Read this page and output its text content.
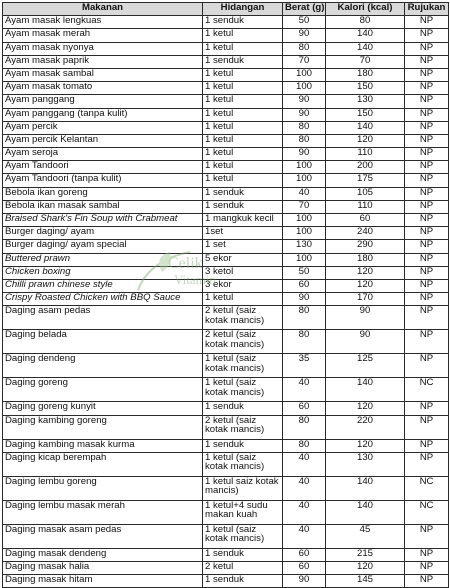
Makanan	Hidangan	Berat (g)	Kalori (kcal)	Rujukan
Ayam masak lengkuas	1 senduk	50	80	NP
Ayam masak merah	1 ketul	90	140	NP
Ayam masak nyonya	1 ketul	80	140	NP
Ayam masak paprik	1 senduk	70	70	NP
Ayam masak sambal	1 ketul	100	180	NP
Ayam masak tomato	1 ketul	100	150	NP
Ayam panggang	1 ketul	90	130	NP
Ayam panggang (tanpa kulit)	1 ketul	90	150	NP
Ayam percik	1 ketul	80	140	NP
Ayam percik Kelantan	1 ketul	80	120	NP
Ayam seroja	1 ketul	90	110	NP
Ayam Tandoori	1 ketul	100	200	NP
Ayam Tandoori (tanpa kulit)	1 ketul	100	175	NP
Bebola ikan goreng	1 senduk	40	105	NP
Bebola ikan masak sambal	1 senduk	70	110	NP
Braised Shark's Fin Soup with Crabmeat	1 mangkuk kecil	100	60	NP
Burger daging/ ayam	1set	100	240	NP
Burger daging/ ayam special	1 set	130	290	NP
Buttered prawn	5 ekor	100	180	NP
Chicken boxing	3 ketol	50	120	NP
Chilli prawn chinese style	3 ekor	60	120	NP
Crispy Roasted Chicken with BBQ Sauce	1 ketul	90	170	NP
Daging asam pedas	2 ketul (saiz kotak mancis)	80	90	NP
Daging belada	2 ketul (saiz kotak mancis)	80	90	NP
Daging dendeng	1 ketul (saiz kotak mancis)	35	125	NP
Daging goreng	1 ketul (saiz kotak mancis)	40	140	NC
Daging goreng kunyit	1 senduk	60	120	NP
Daging kambing goreng	2 ketul (saiz kotak mancis)	80	220	NP
Daging kambing masak kurma	1 senduk	80	120	NP
Daging kicap berempah	1 ketul (saiz kotak mancis)	40	130	NP
Daging lembu goreng	1 ketul saiz kotak mancis)	40	140	NC
Daging lembu masak merah	1 ketul+4 sudu makan kuah	40	140	NC
Daging masak asam pedas	1 ketul (saiz kotak mancis)	40	45	NP
Daging masak dendeng	1 senduk	60	215	NP
Daging masak halia	2 ketul	60	120	NP
Daging masak hitam	1 senduk	90	145	NP
Celik
Vitamin
